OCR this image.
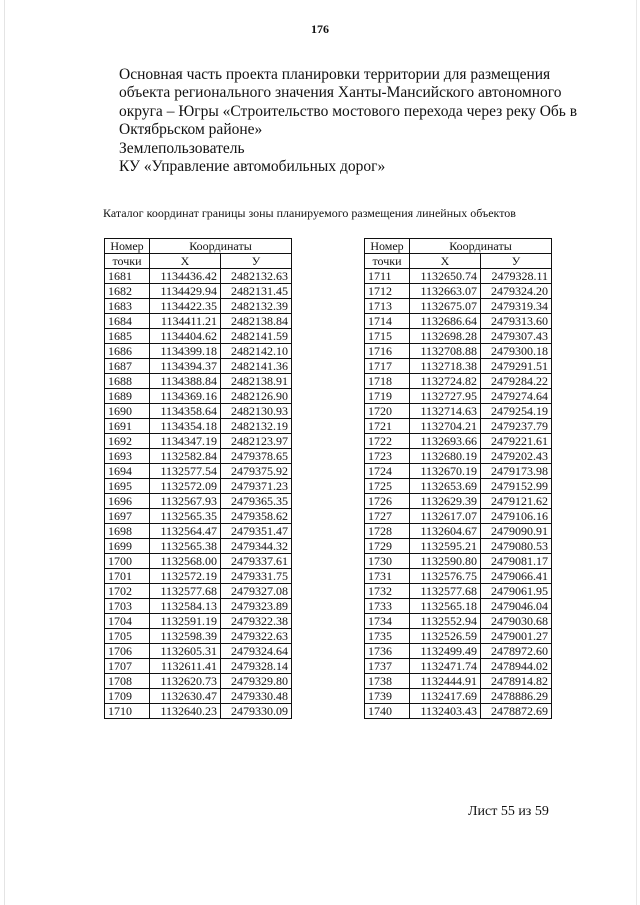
176
Основная часть проекта планировки территории для размещения
объекта регионального значения Ханты-Мансийского автономного
округа – Югры «Строительство мостового перехода через реку Обь в
Октябрьском районе»
Землепользователь
КУ «Управление автомобильных дорог»
Каталог координат границы зоны планируемого размещения линейных объектов
Номер	Координаты	
точки	X	У
1681	1134436.42	2482132.63
1682	1134429.94	2482131.45
1683	1134422.35	2482132.39
1684	1134411.21	2482138.84
1685	1134404.62	2482141.59
1686	1134399.18	2482142.10
1687	1134394.37	2482141.36
1688	1134388.84	2482138.91
1689	1134369.16	2482126.90
1690	1134358.64	2482130.93
1691	1134354.18	2482132.19
1692	1134347.19	2482123.97
1693	1132582.84	2479378.65
1694	1132577.54	2479375.92
1695	1132572.09	2479371.23
1696	1132567.93	2479365.35
1697	1132565.35	2479358.62
1698	1132564.47	2479351.47
1699	1132565.38	2479344.32
1700	1132568.00	2479337.61
1701	1132572.19	2479331.75
1702	1132577.68	2479327.08
1703	1132584.13	2479323.89
1704	1132591.19	2479322.38
1705	1132598.39	2479322.63
1706	1132605.31	2479324.64
1707	1132611.41	2479328.14
1708	1132620.73	2479329.80
1709	1132630.47	2479330.48
1710	1132640.23	2479330.09
Номер	Координаты	
точки	X	У
1711	1132650.74	2479328.11
1712	1132663.07	2479324.20
1713	1132675.07	2479319.34
1714	1132686.64	2479313.60
1715	1132698.28	2479307.43
1716	1132708.88	2479300.18
1717	1132718.38	2479291.51
1718	1132724.82	2479284.22
1719	1132727.95	2479274.64
1720	1132714.63	2479254.19
1721	1132704.21	2479237.79
1722	1132693.66	2479221.61
1723	1132680.19	2479202.43
1724	1132670.19	2479173.98
1725	1132653.69	2479152.99
1726	1132629.39	2479121.62
1727	1132617.07	2479106.16
1728	1132604.67	2479090.91
1729	1132595.21	2479080.53
1730	1132590.80	2479081.17
1731	1132576.75	2479066.41
1732	1132577.68	2479061.95
1733	1132565.18	2479046.04
1734	1132552.94	2479030.68
1735	1132526.59	2479001.27
1736	1132499.49	2478972.60
1737	1132471.74	2478944.02
1738	1132444.91	2478914.82
1739	1132417.69	2478886.29
1740	1132403.43	2478872.69
Лист 55 из 59
